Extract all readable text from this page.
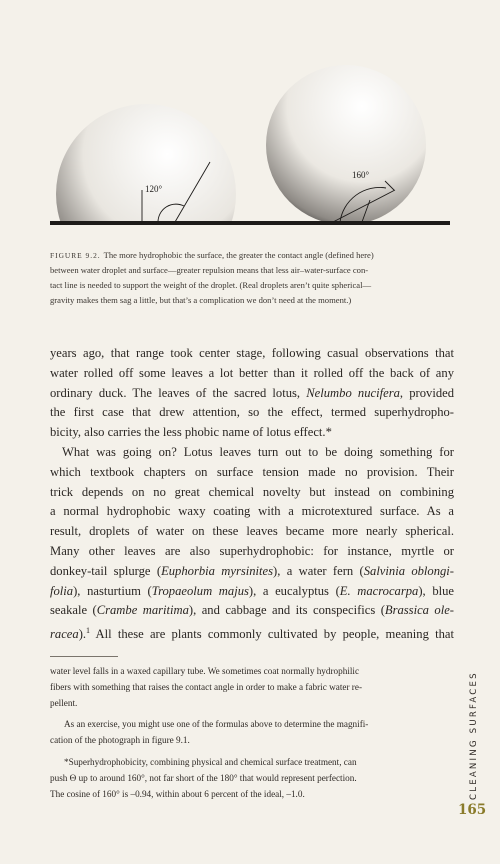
120°
160°
FIGURE 9.2. The more hydrophobic the surface, the greater the contact angle (defined here)
between water droplet and surface—greater repulsion means that less air–water-surface con-
tact line is needed to support the weight of the droplet. (Real droplets aren’t quite spherical—
gravity makes them sag a little, but that’s a complication we don’t need at the moment.)
years ago, that range took center stage, following casual observations that
water rolled off some leaves a lot better than it rolled off the back of any
ordinary duck. The leaves of the sacred lotus, Nelumbo nucifera, provided
the first case that drew attention, so the effect, termed superhydropho-
bicity, also carries the less phobic name of lotus effect.*
What was going on? Lotus leaves turn out to be doing something for
which textbook chapters on surface tension made no provision. Their
trick depends on no great chemical novelty but instead on combining
a normal hydrophobic waxy coating with a microtextured surface. As a
result, droplets of water on these leaves became more nearly spherical.
Many other leaves are also superhydrophobic: for instance, myrtle or
donkey-tail splurge (Euphorbia myrsinites), a water fern (Salvinia oblongi-
folia), nasturtium (Tropaeolum majus), a eucalyptus (E. macrocarpa), blue
seakale (Crambe maritima), and cabbage and its conspecifics (Brassica ole-
racea).$^1$ All these are plants commonly cultivated by people, meaning that
water level falls in a waxed capillary tube. We sometimes coat normally hydrophilic
fibers with something that raises the contact angle in order to make a fabric water re-
pellent.
As an exercise, you might use one of the formulas above to determine the magnifi-
cation of the photograph in figure 9.1.
*Superhydrophobicity, combining physical and chemical surface treatment, can
push Θ up to around 160°, not far short of the 180° that would represent perfection.
The cosine of 160° is –0.94, within about 6 percent of the ideal, –1.0.	CLEANING SURFACES
165
